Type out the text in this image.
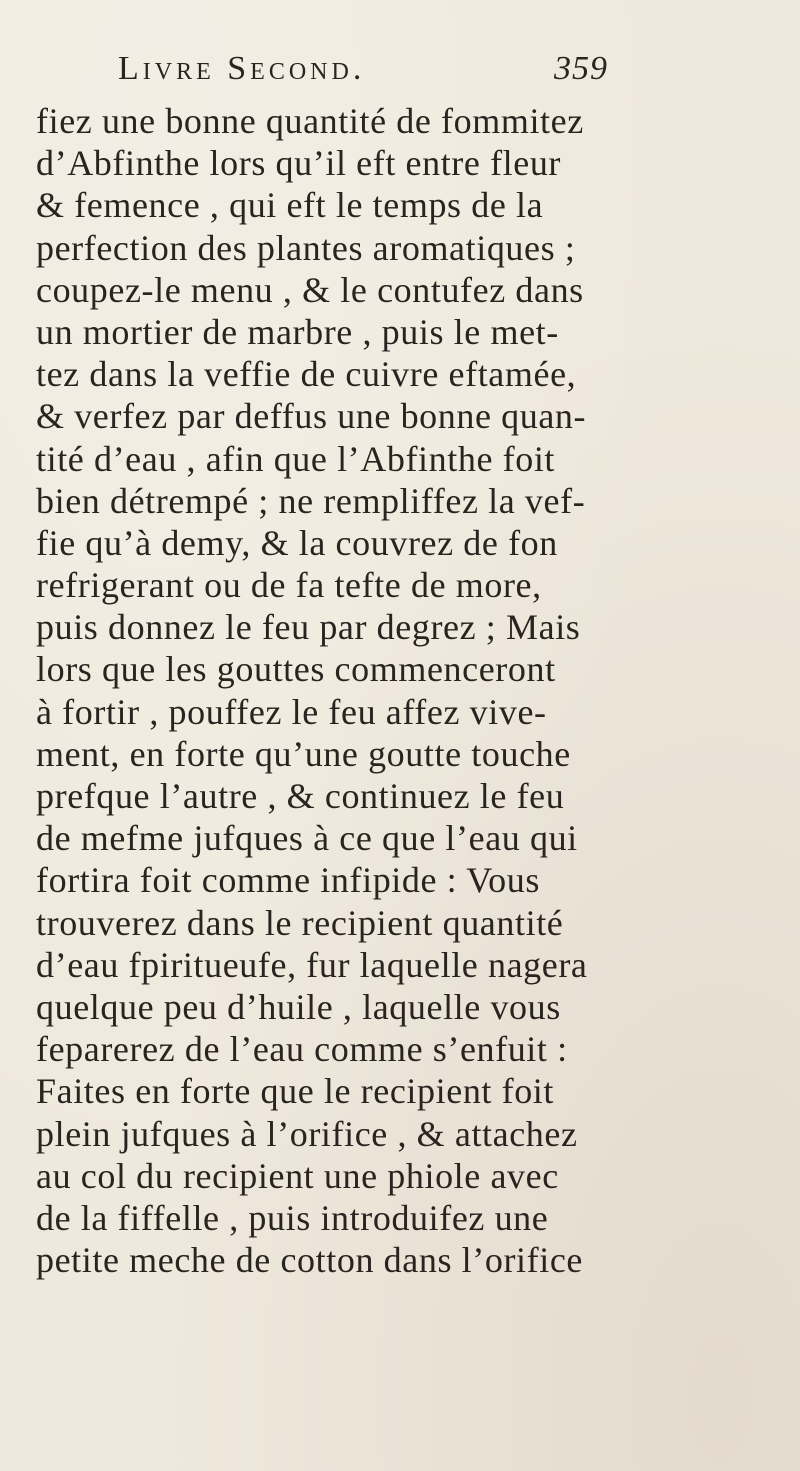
Livre Second.	359
fiez une bonne quantité de fommitez
d’Abfinthe lors qu’il eft entre fleur
& femence , qui eft le temps de la
perfection des plantes aromatiques ;
coupez-le menu , & le contufez dans
un mortier de marbre , puis le met-
tez dans la veffie de cuivre eftamée,
& verfez par deffus une bonne quan-
tité d’eau , afin que l’Abfinthe foit
bien détrempé ; ne rempliffez la vef-
fie qu’à demy, & la couvrez de fon
refrigerant ou de fa tefte de more,
puis donnez le feu par degrez ; Mais
lors que les gouttes commenceront
à fortir , pouffez le feu affez vive-
ment, en forte qu’une goutte touche
prefque l’autre , & continuez le feu
de mefme jufques à ce que l’eau qui
fortira foit comme infipide : Vous
trouverez dans le recipient quantité
d’eau fpiritueufe, fur laquelle nagera
quelque peu d’huile , laquelle vous
feparerez de l’eau comme s’enfuit :
Faites en forte que le recipient foit
plein jufques à l’orifice , & attachez
au col du recipient une phiole avec
de la fiffelle , puis introduifez une
petite meche de cotton dans l’orifice
